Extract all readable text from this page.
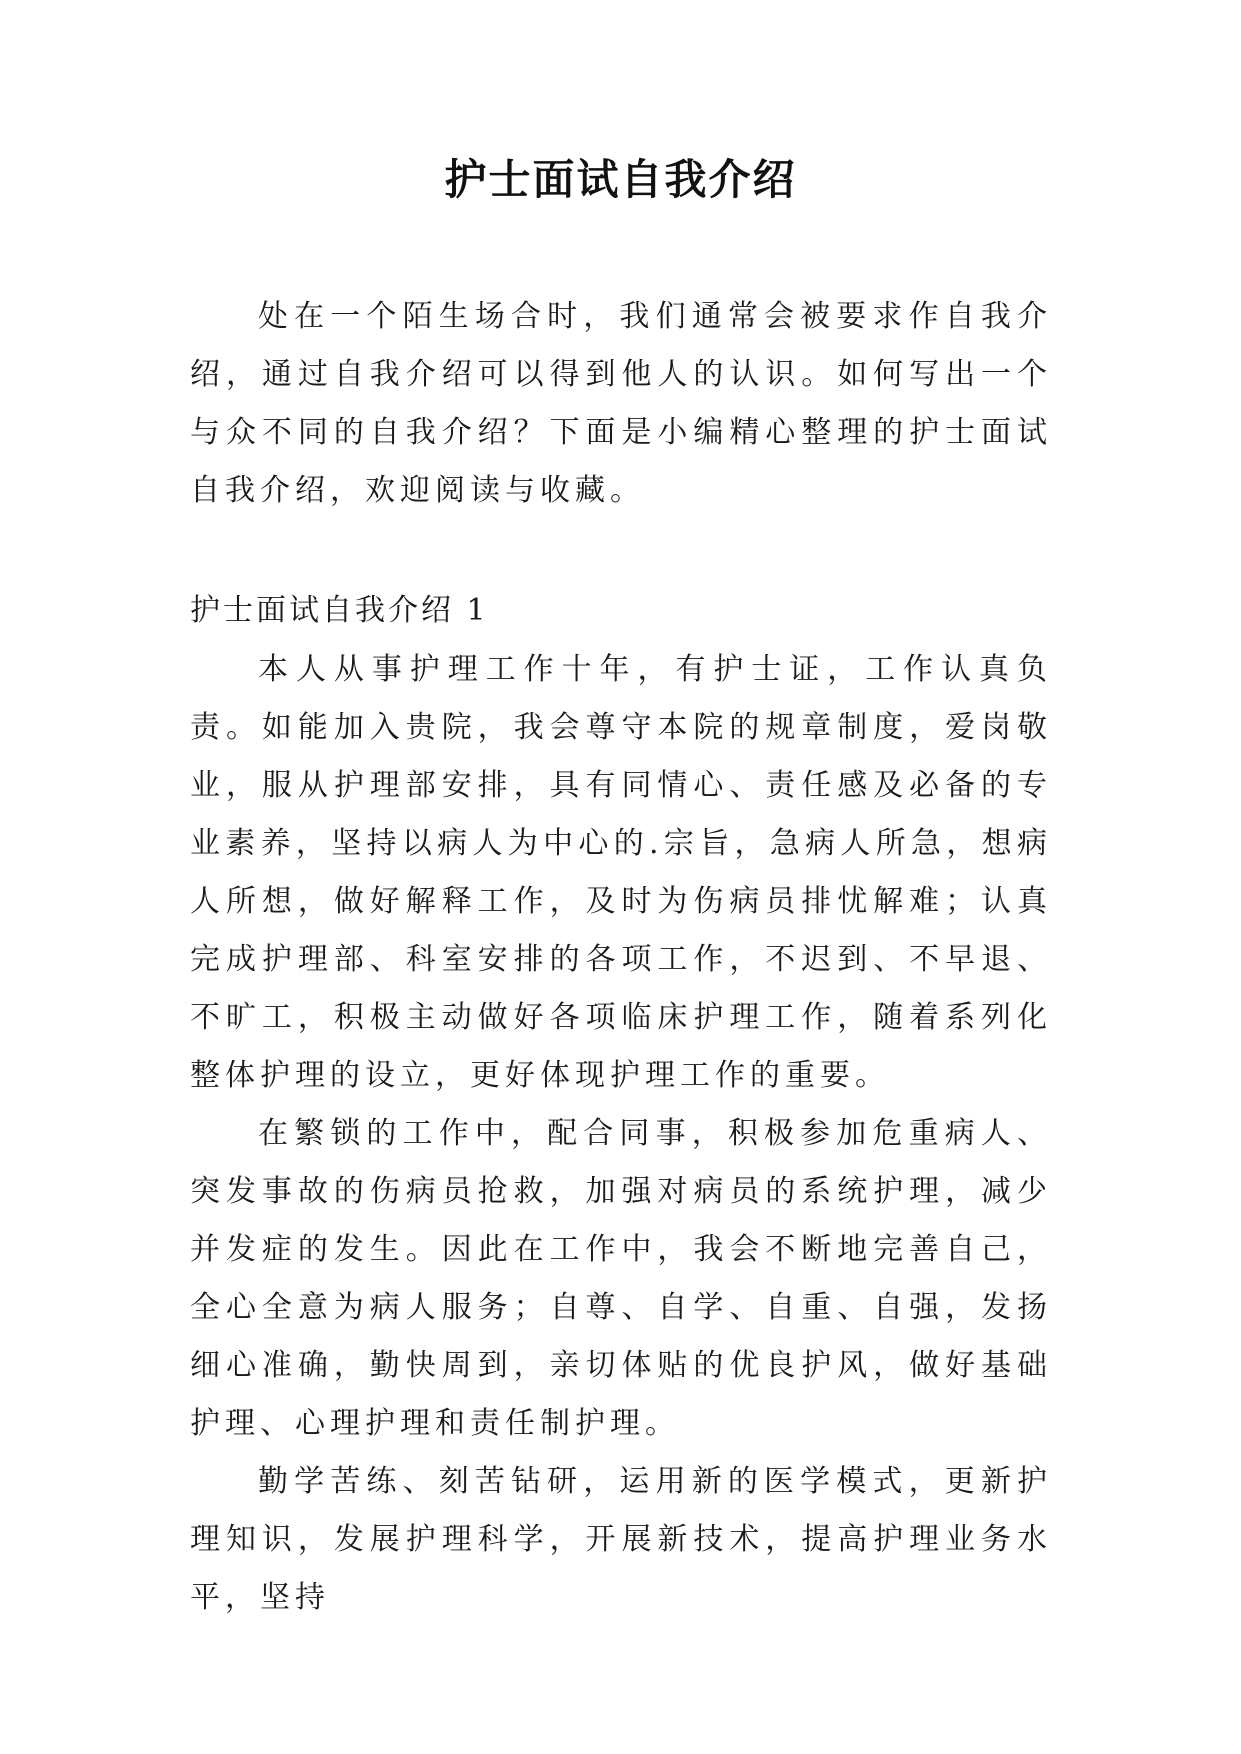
护士面试自我介绍

处在一个陌生场合时，我们通常会被要求作自我介绍，通过自我介绍可以得到他人的认识。如何写出一个与众不同的自我介绍？下面是小编精心整理的护士面试自我介绍，欢迎阅读与收藏。

护士面试自我介绍 1

本人从事护理工作十年，有护士证，工作认真负责。如能加入贵院，我会尊守本院的规章制度，爱岗敬业，服从护理部安排，具有同情心、责任感及必备的专业素养，坚持以病人为中心的.宗旨，急病人所急，想病人所想，做好解释工作，及时为伤病员排忧解难；认真完成护理部、科室安排的各项工作，不迟到、不早退、不旷工，积极主动做好各项临床护理工作，随着系列化整体护理的设立，更好体现护理工作的重要。

在繁锁的工作中，配合同事，积极参加危重病人、突发事故的伤病员抢救，加强对病员的系统护理，减少并发症的发生。因此在工作中，我会不断地完善自己，全心全意为病人服务；自尊、自学、自重、自强，发扬细心准确，勤快周到，亲切体贴的优良护风，做好基础护理、心理护理和责任制护理。

勤学苦练、刻苦钻研，运用新的医学模式，更新护理知识，发展护理科学，开展新技术，提高护理业务水平，坚持
